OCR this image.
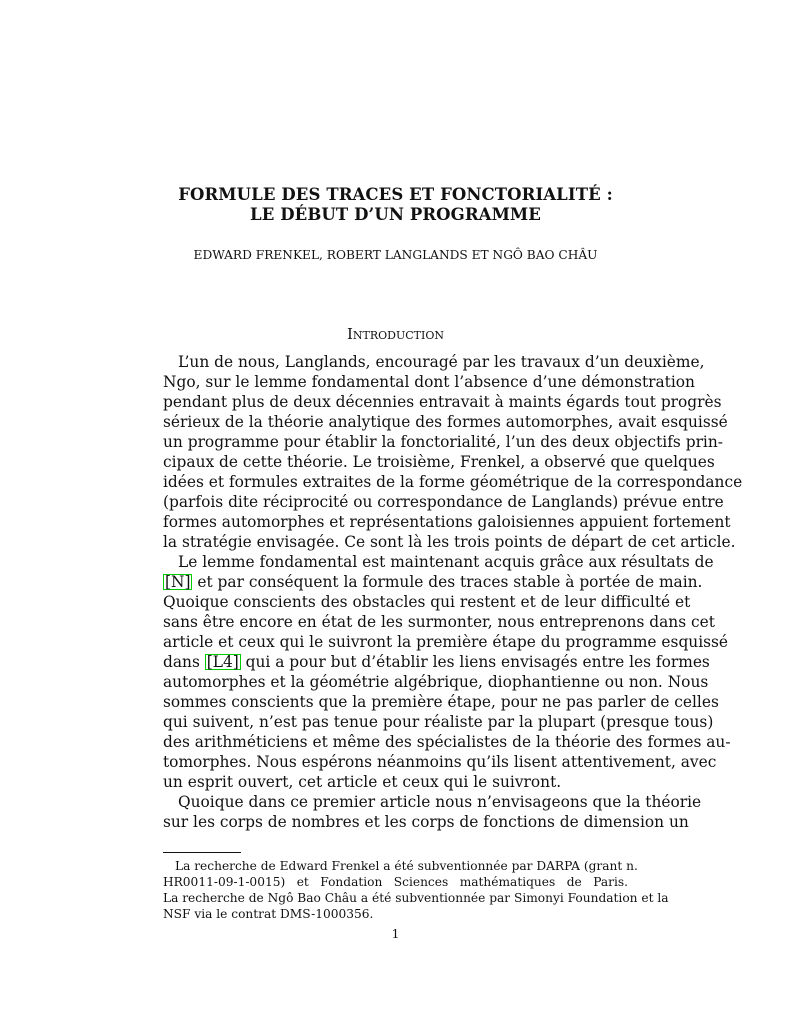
FORMULE DES TRACES ET FONCTORIALITÉ :
LE DÉBUT D’UN PROGRAMME
EDWARD FRENKEL, ROBERT LANGLANDS ET NGÔ BAO CHÂU
Introduction
L’un de nous, Langlands, encouragé par les travaux d’un deuxième,
Ngo, sur le lemme fondamental dont l’absence d’une démonstration
pendant plus de deux décennies entravait à maints égards tout progrès
sérieux de la théorie analytique des formes automorphes, avait esquissé
un programme pour établir la fonctorialité, l’un des deux objectifs prin-
cipaux de cette théorie. Le troisième, Frenkel, a observé que quelques
idées et formules extraites de la forme géométrique de la correspondance
(parfois dite réciprocité ou correspondance de Langlands) prévue entre
formes automorphes et représentations galoisiennes appuient fortement
la stratégie envisagée. Ce sont là les trois points de départ de cet article.
Le lemme fondamental est maintenant acquis grâce aux résultats de
[N] et par conséquent la formule des traces stable à portée de main.
Quoique conscients des obstacles qui restent et de leur difficulté et
sans être encore en état de les surmonter, nous entreprenons dans cet
article et ceux qui le suivront la première étape du programme esquissé
dans [L4] qui a pour but d’établir les liens envisagés entre les formes
automorphes et la géométrie algébrique, diophantienne ou non. Nous
sommes conscients que la première étape, pour ne pas parler de celles
qui suivent, n’est pas tenue pour réaliste par la plupart (presque tous)
des arithméticiens et même des spécialistes de la théorie des formes au-
tomorphes. Nous espérons néanmoins qu’ils lisent attentivement, avec
un esprit ouvert, cet article et ceux qui le suivront.
Quoique dans ce premier article nous n’envisageons que la théorie
sur les corps de nombres et les corps de fonctions de dimension un
La recherche de Edward Frenkel a été subventionnée par DARPA (grant n.
HR0011-09-1-0015) et Fondation Sciences mathématiques de Paris.
La recherche de Ngô Bao Châu a été subventionnée par Simonyi Foundation et la
NSF via le contrat DMS-1000356.
1
